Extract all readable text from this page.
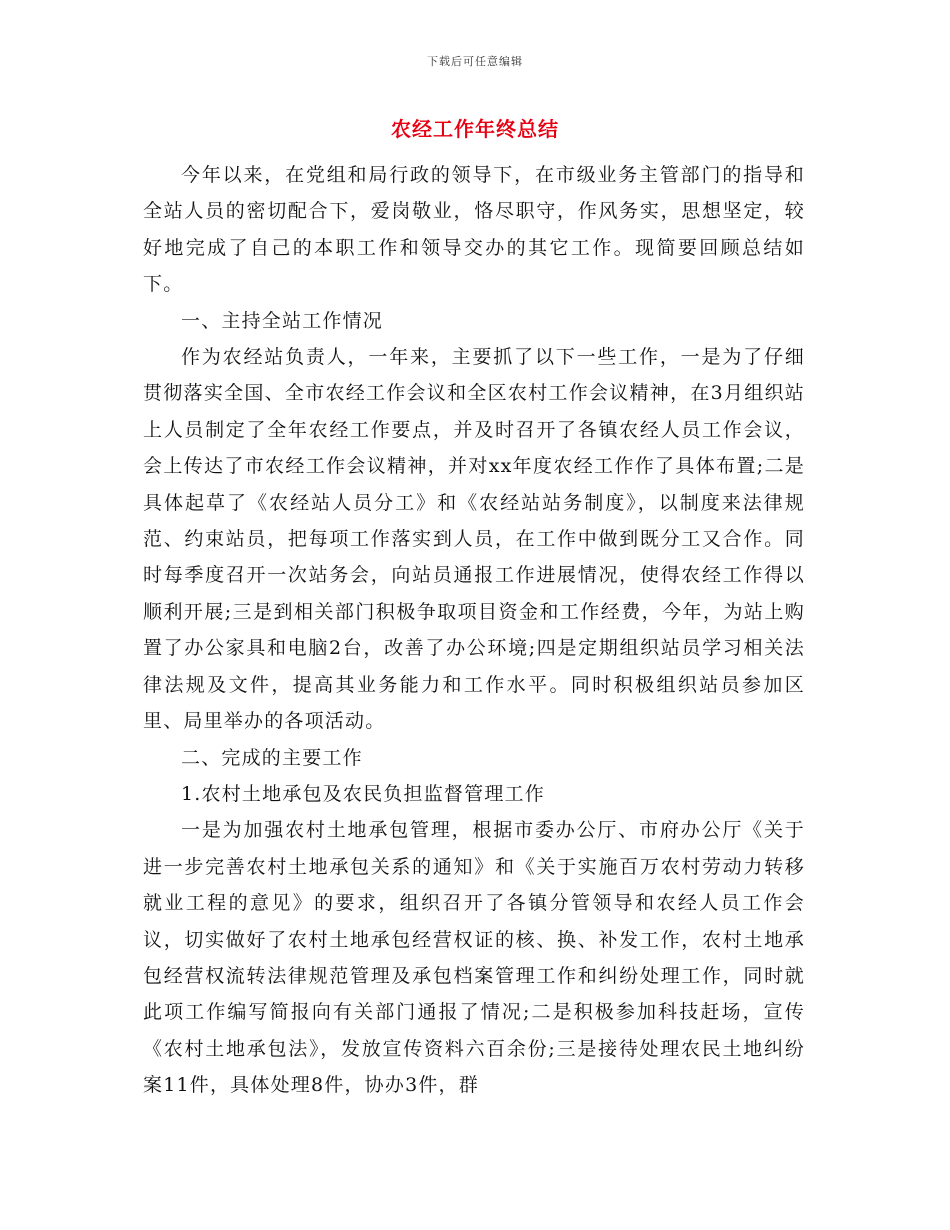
下载后可任意编辑
农经工作年终总结

今年以来，在党组和局行政的领导下，在市级业务主管部门的指导和全站人员的密切配合下，爱岗敬业，恪尽职守，作风务实，思想坚定，较好地完成了自己的本职工作和领导交办的其它工作。现简要回顾总结如下。

一、主持全站工作情况

作为农经站负责人，一年来，主要抓了以下一些工作，一是为了仔细贯彻落实全国、全市农经工作会议和全区农村工作会议精神，在3月组织站上人员制定了全年农经工作要点，并及时召开了各镇农经人员工作会议，会上传达了市农经工作会议精神，并对xx年度农经工作作了具体布置;二是具体起草了《农经站人员分工》和《农经站站务制度》，以制度来法律规范、约束站员，把每项工作落实到人员，在工作中做到既分工又合作。同时每季度召开一次站务会，向站员通报工作进展情况，使得农经工作得以顺利开展;三是到相关部门积极争取项目资金和工作经费，今年，为站上购置了办公家具和电脑2台，改善了办公环境;四是定期组织站员学习相关法律法规及文件，提高其业务能力和工作水平。同时积极组织站员参加区里、局里举办的各项活动。

二、完成的主要工作

1.农村土地承包及农民负担监督管理工作

一是为加强农村土地承包管理，根据市委办公厅、市府办公厅《关于进一步完善农村土地承包关系的通知》和《关于实施百万农村劳动力转移就业工程的意见》的要求，组织召开了各镇分管领导和农经人员工作会议，切实做好了农村土地承包经营权证的核、换、补发工作，农村土地承包经营权流转法律规范管理及承包档案管理工作和纠纷处理工作，同时就此项工作编写简报向有关部门通报了情况;二是积极参加科技赶场，宣传《农村土地承包法》，发放宣传资料六百余份;三是接待处理农民土地纠纷案11件，具体处理8件，协办3件，群
